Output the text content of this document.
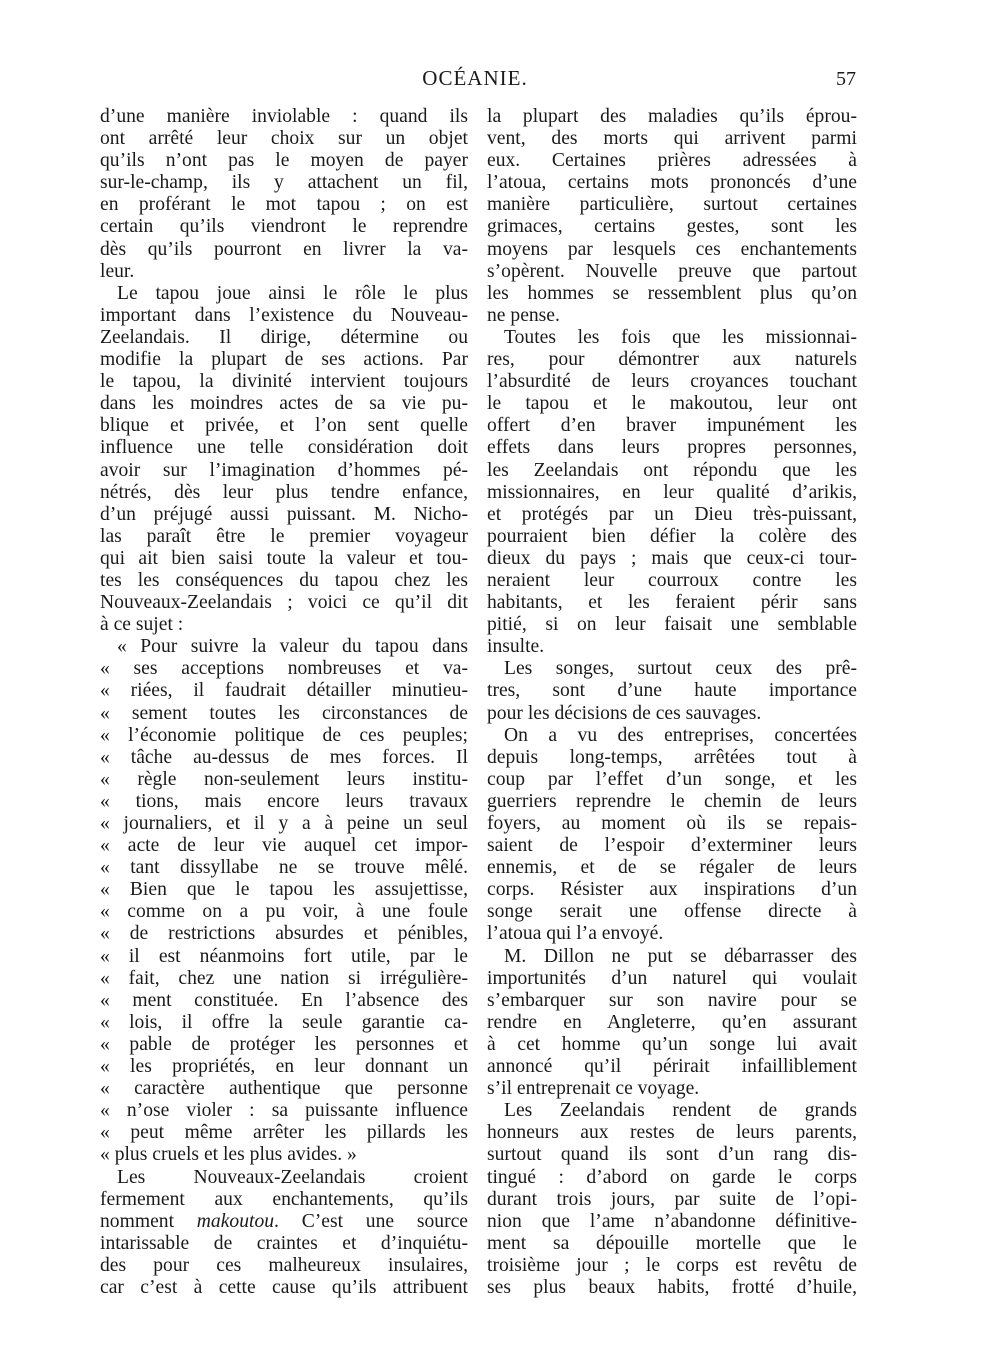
OCÉANIE.	57
d’une manière inviolable : quand ils
ont arrêté leur choix sur un objet
qu’ils n’ont pas le moyen de payer
sur-le-champ, ils y attachent un fil,
en proférant le mot tapou ; on est
certain qu’ils viendront le reprendre
dès qu’ils pourront en livrer la va-
leur.
Le tapou joue ainsi le rôle le plus
important dans l’existence du Nouveau-
Zeelandais. Il dirige, détermine ou
modifie la plupart de ses actions. Par
le tapou, la divinité intervient toujours
dans les moindres actes de sa vie pu-
blique et privée, et l’on sent quelle
influence une telle considération doit
avoir sur l’imagination d’hommes pé-
nétrés, dès leur plus tendre enfance,
d’un préjugé aussi puissant. M. Nicho-
las paraît être le premier voyageur
qui ait bien saisi toute la valeur et tou-
tes les conséquences du tapou chez les
Nouveaux-Zeelandais ; voici ce qu’il dit
à ce sujet :
« Pour suivre la valeur du tapou dans
« ses acceptions nombreuses et va-
« riées, il faudrait détailler minutieu-
« sement toutes les circonstances de
« l’économie politique de ces peuples;
« tâche au-dessus de mes forces. Il
« règle non-seulement leurs institu-
« tions, mais encore leurs travaux
« journaliers, et il y a à peine un seul
« acte de leur vie auquel cet impor-
« tant dissyllabe ne se trouve mêlé.
« Bien que le tapou les assujettisse,
« comme on a pu voir, à une foule
« de restrictions absurdes et pénibles,
« il est néanmoins fort utile, par le
« fait, chez une nation si irrégulière-
« ment constituée. En l’absence des
« lois, il offre la seule garantie ca-
« pable de protéger les personnes et
« les propriétés, en leur donnant un
« caractère authentique que personne
« n’ose violer : sa puissante influence
« peut même arrêter les pillards les
« plus cruels et les plus avides. »
Les Nouveaux-Zeelandais croient
fermement aux enchantements, qu’ils
nomment makoutou. C’est une source
intarissable de craintes et d’inquiétu-
des pour ces malheureux insulaires,
car c’est à cette cause qu’ils attribuent
la plupart des maladies qu’ils éprou-
vent, des morts qui arrivent parmi
eux. Certaines prières adressées à
l’atoua, certains mots prononcés d’une
manière particulière, surtout certaines
grimaces, certains gestes, sont les
moyens par lesquels ces enchantements
s’opèrent. Nouvelle preuve que partout
les hommes se ressemblent plus qu’on
ne pense.
Toutes les fois que les missionnai-
res, pour démontrer aux naturels
l’absurdité de leurs croyances touchant
le tapou et le makoutou, leur ont
offert d’en braver impunément les
effets dans leurs propres personnes,
les Zeelandais ont répondu que les
missionnaires, en leur qualité d’arikis,
et protégés par un Dieu très-puissant,
pourraient bien défier la colère des
dieux du pays ; mais que ceux-ci tour-
neraient leur courroux contre les
habitants, et les feraient périr sans
pitié, si on leur faisait une semblable
insulte.
Les songes, surtout ceux des prê-
tres, sont d’une haute importance
pour les décisions de ces sauvages.
On a vu des entreprises, concertées
depuis long-temps, arrêtées tout à
coup par l’effet d’un songe, et les
guerriers reprendre le chemin de leurs
foyers, au moment où ils se repais-
saient de l’espoir d’exterminer leurs
ennemis, et de se régaler de leurs
corps. Résister aux inspirations d’un
songe serait une offense directe à
l’atoua qui l’a envoyé.
M. Dillon ne put se débarrasser des
importunités d’un naturel qui voulait
s’embarquer sur son navire pour se
rendre en Angleterre, qu’en assurant
à cet homme qu’un songe lui avait
annoncé qu’il périrait infailliblement
s’il entreprenait ce voyage.
Les Zeelandais rendent de grands
honneurs aux restes de leurs parents,
surtout quand ils sont d’un rang dis-
tingué : d’abord on garde le corps
durant trois jours, par suite de l’opi-
nion que l’ame n’abandonne définitive-
ment sa dépouille mortelle que le
troisième jour ; le corps est revêtu de
ses plus beaux habits, frotté d’huile,
